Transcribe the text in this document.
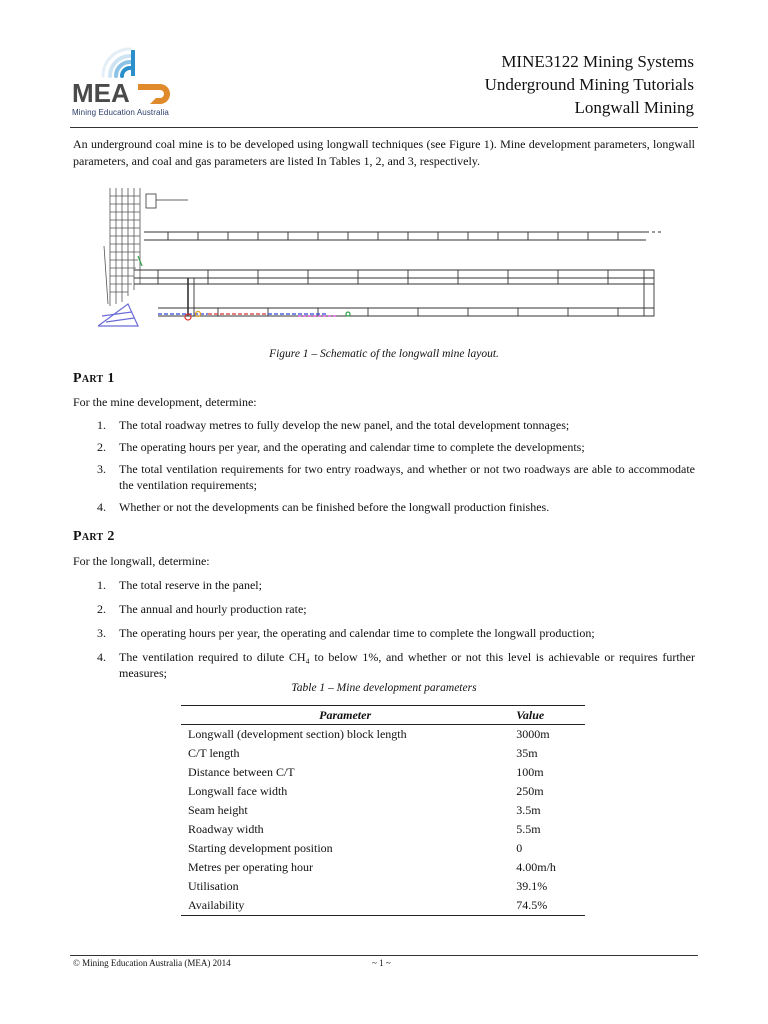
MEA
Mining Education Australia
MINE3122 Mining Systems
Underground Mining Tutorials
Longwall Mining
An underground coal mine is to be developed using longwall techniques (see Figure 1). Mine development parameters, longwall parameters, and coal and gas parameters are listed In Tables 1, 2, and 3, respectively.
Figure 1 – Schematic of the longwall mine layout.
Part 1
For the mine development, determine:
1. The total roadway metres to fully develop the new panel, and the total development tonnages;
2. The operating hours per year, and the operating and calendar time to complete the developments;
3. The total ventilation requirements for two entry roadways, and whether or not two roadways are able to accommodate the ventilation requirements;
4. Whether or not the developments can be finished before the longwall production finishes.
Part 2
For the longwall, determine:
1. The total reserve in the panel;
2. The annual and hourly production rate;
3. The operating hours per year, the operating and calendar time to complete the longwall production;
4. The ventilation required to dilute CH₄ to below 1%, and whether or not this level is achievable or requires further measures;
Table 1 – Mine development parameters
Parameter	Value
Longwall (development section) block length	3000m
C/T length	35m
Distance between C/T	100m
Longwall face width	250m
Seam height	3.5m
Roadway width	5.5m
Starting development position	0
Metres per operating hour	4.00m/h
Utilisation	39.1%
Availability	74.5%
© Mining Education Australia (MEA) 2014	~ 1 ~
